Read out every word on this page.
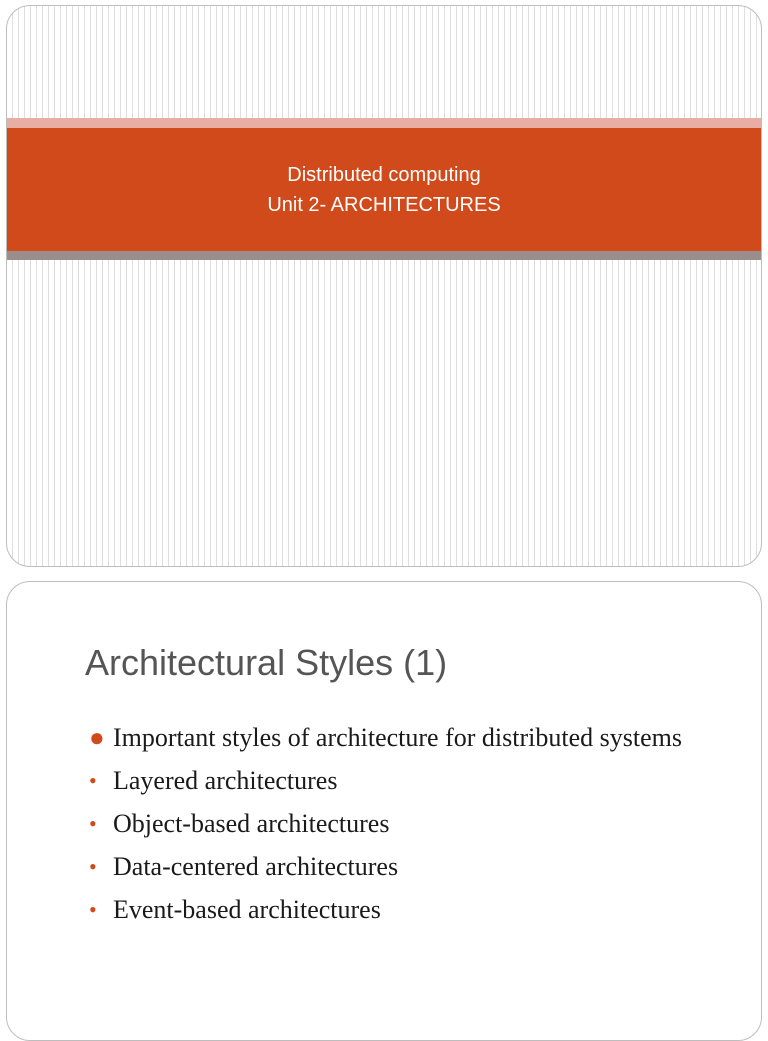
Distributed computing
Unit 2- ARCHITECTURES
Architectural Styles (1)
● Important styles of architecture for distributed systems
• Layered architectures
• Object-based architectures
• Data-centered architectures
• Event-based architectures
